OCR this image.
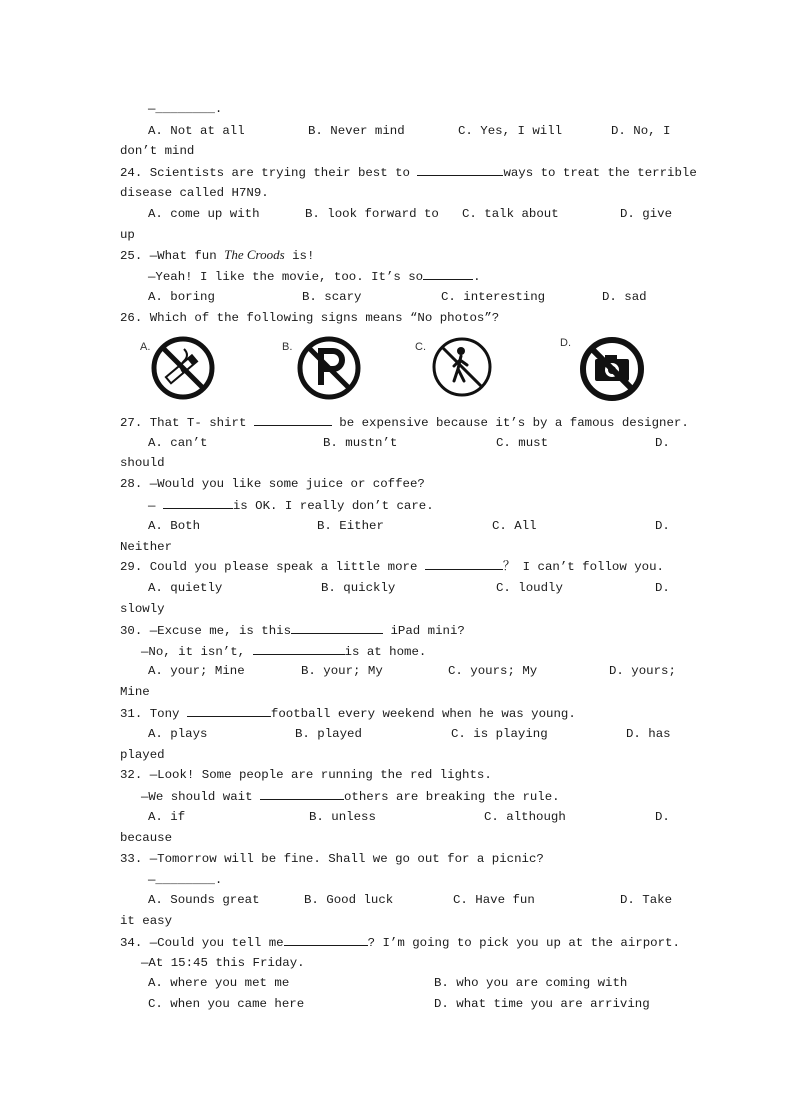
—________.
A. Not at all	B. Never mind	C. Yes, I will	D. No, I
don’t mind
24. Scientists are trying their best to	ways to treat the terrible
disease called H7N9.
A. come up with	B. look forward to C. talk about	D. give
up
25. —What fun The Croods is!
—Yeah! I like the movie, too. It’s so	.
A. boring	B. scary	C. interesting	D. sad
26. Which of the following signs means “No photos”?
A.	B.	C.	D.
27. That T- shirt	be expensive because it’s by a famous designer.
A. can’t	B. mustn’t	C. must	D.
should
28. —Would you like some juice or coffee?
—	is OK. I really don’t care.
A. Both	B. Either	C. All	D.
Neither
29. Could you please speak a little more	？ I can’t follow you.
A. quietly	B. quickly	C. loudly	D.
slowly
30. —Excuse me, is this	iPad mini?
—No, it isn’t,	is at home.
A. your; Mine	B. your; My	C. yours; My	D. yours;
Mine
31. Tony	football every weekend when he was young.
A. plays	B. played	C. is playing	D. has
played
32. —Look! Some people are running the red lights.
—We should wait	others are breaking the rule.
A. if	B. unless	C. although	D.
because
33. —Tomorrow will be fine. Shall we go out for a picnic?
—________.
A. Sounds great	B. Good luck	C. Have fun	D. Take
it easy
34. —Could you tell me	? I’m going to pick you up at the airport.
—At 15:45 this Friday.
A. where you met me	B. who you are coming with
C. when you came here	D. what time you are arriving
